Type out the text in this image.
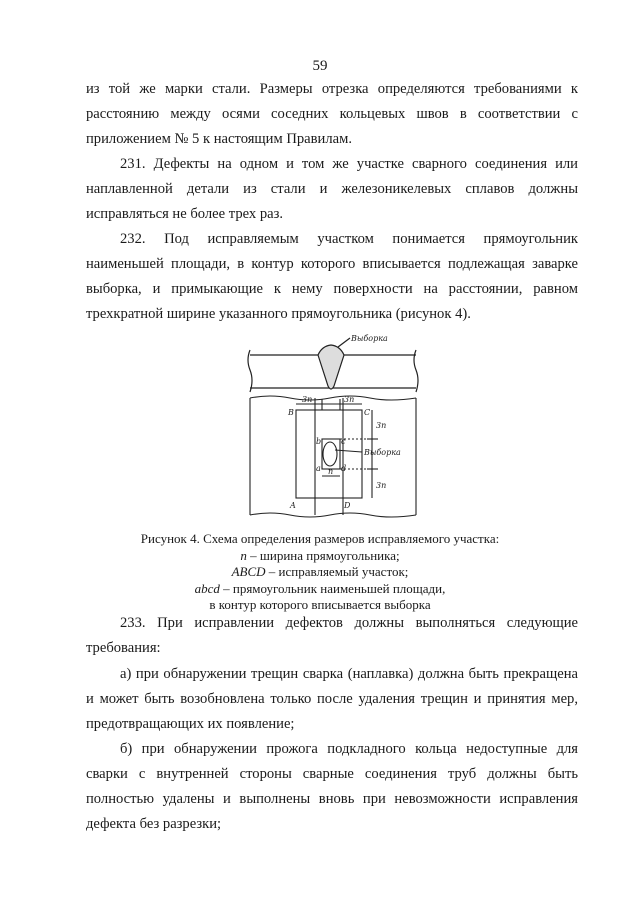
59

из той же марки стали. Размеры отрезка определяются требованиями к расстоянию между осями соседних кольцевых швов в соответствии с приложением № 5 к настоящим Правилам.

231. Дефекты на одном и том же участке сварного соединения или наплавленной детали из стали и железоникелевых сплавов должны исправляться не более трех раз.

232. Под исправляемым участком понимается прямоугольник наименьшей площади, в контур которого вписывается подлежащая заварке выборка, и примыкающие к нему поверхности на расстоянии, равном трехкратной ширине указанного прямоугольника (рисунок 4).

Выборка
3n	3n
3n
3n
Выборка
n
A
B	C
D
a
b c
d
Рисунок 4. Схема определения размеров исправляемого участка:
n – ширина прямоугольника;
ABCD – исправляемый участок;
abcd – прямоугольник наименьшей площади,
в контур которого вписывается выборка

233. При исправлении дефектов должны выполняться следующие требования:

а) при обнаружении трещин сварка (наплавка) должна быть прекращена и может быть возобновлена только после удаления трещин и принятия мер, предотвращающих их появление;

б) при обнаружении прожога подкладного кольца недоступные для сварки с внутренней стороны сварные соединения труб должны быть полностью удалены и выполнены вновь при невозможности исправления дефекта без разрезки;
